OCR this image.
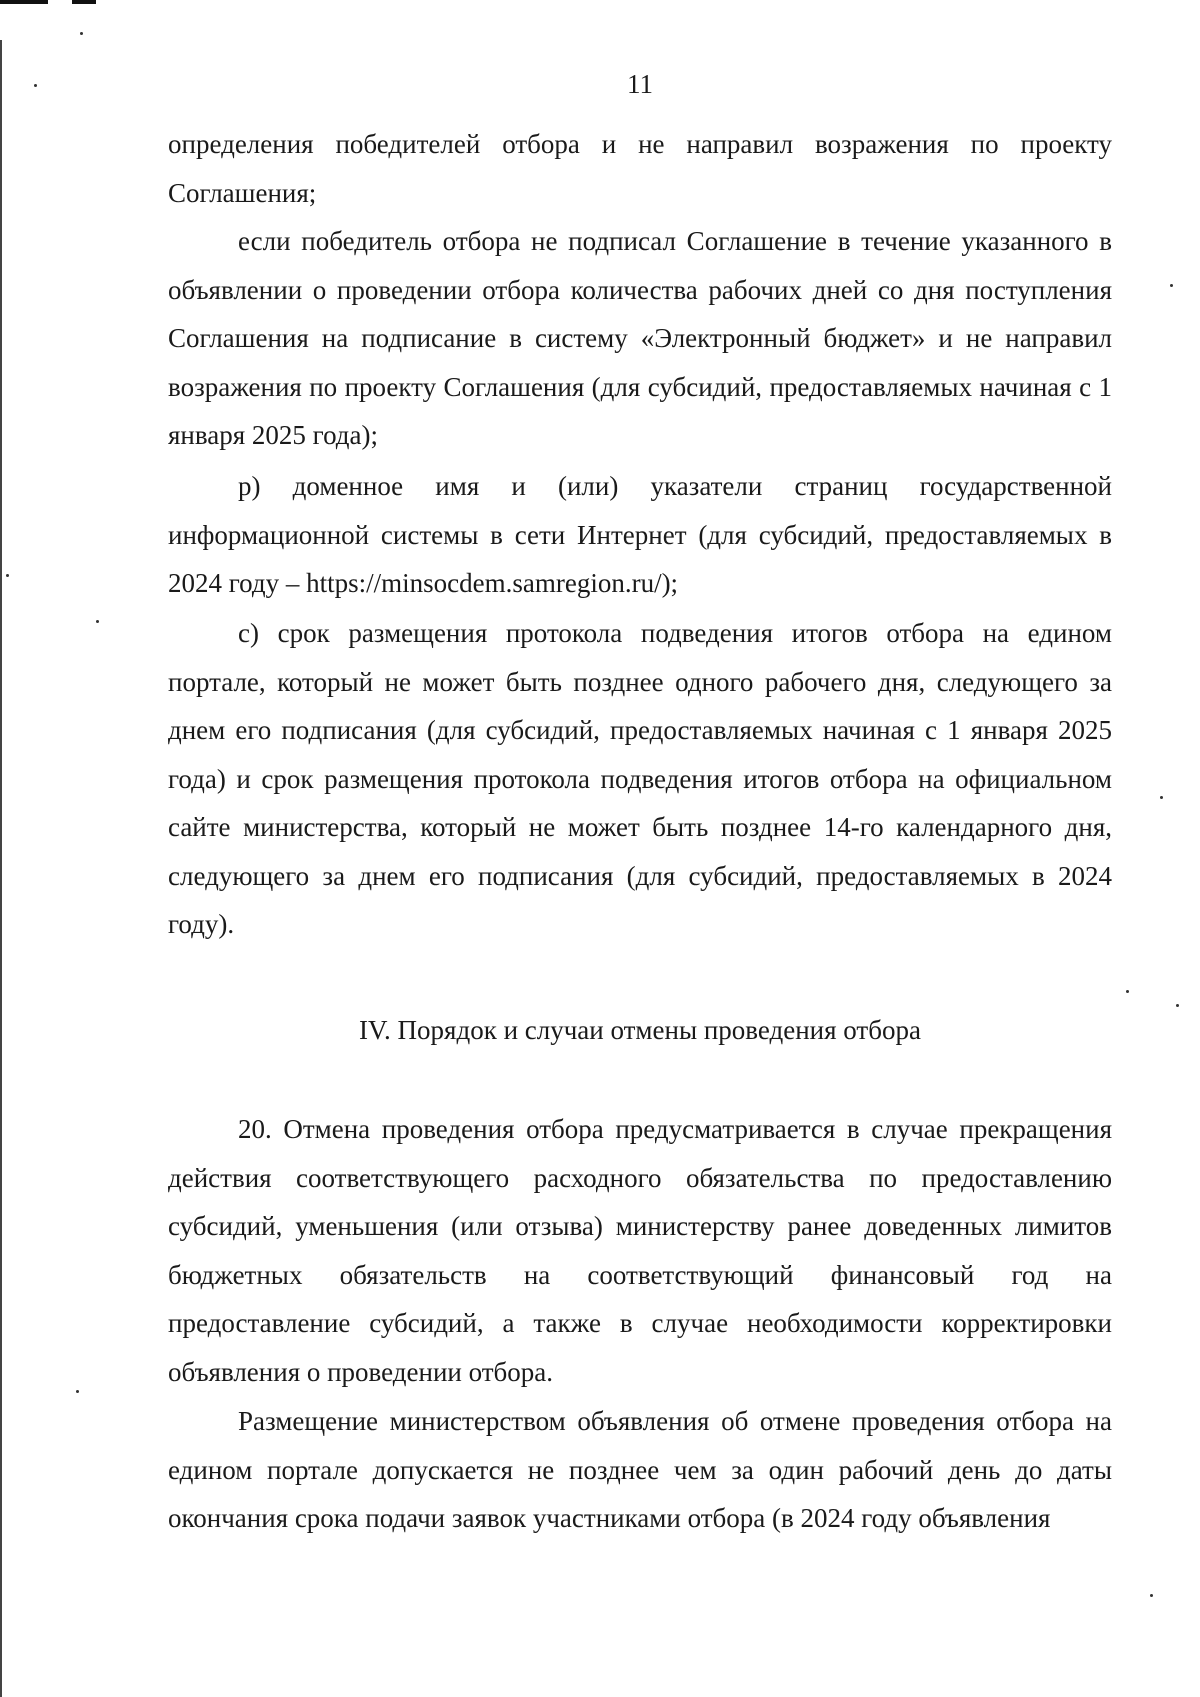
11

определения победителей отбора и не направил возражения по проекту Соглашения;

если победитель отбора не подписал Соглашение в течение указанного в объявлении о проведении отбора количества рабочих дней со дня поступления Соглашения на подписание в систему «Электронный бюджет» и не направил возражения по проекту Соглашения (для субсидий, предоставляемых начиная с 1 января 2025 года);

р) доменное имя и (или) указатели страниц государственной информационной системы в сети Интернет (для субсидий, предоставляемых в 2024 году – https://minsocdem.samregion.ru/);

с) срок размещения протокола подведения итогов отбора на едином портале, который не может быть позднее одного рабочего дня, следующего за днем его подписания (для субсидий, предоставляемых начиная с 1 января 2025 года) и срок размещения протокола подведения итогов отбора на официальном сайте министерства, который не может быть позднее 14-го календарного дня, следующего за днем его подписания (для субсидий, предоставляемых в 2024 году).

IV. Порядок и случаи отмены проведения отбора

20. Отмена проведения отбора предусматривается в случае прекращения действия соответствующего расходного обязательства по предоставлению субсидий, уменьшения (или отзыва) министерству ранее доведенных лимитов бюджетных обязательств на соответствующий финансовый год на предоставление субсидий, а также в случае необходимости корректировки объявления о проведении отбора.

Размещение министерством объявления об отмене проведения отбора на едином портале допускается не позднее чем за один рабочий день до даты окончания срока подачи заявок участниками отбора (в 2024 году объявления
